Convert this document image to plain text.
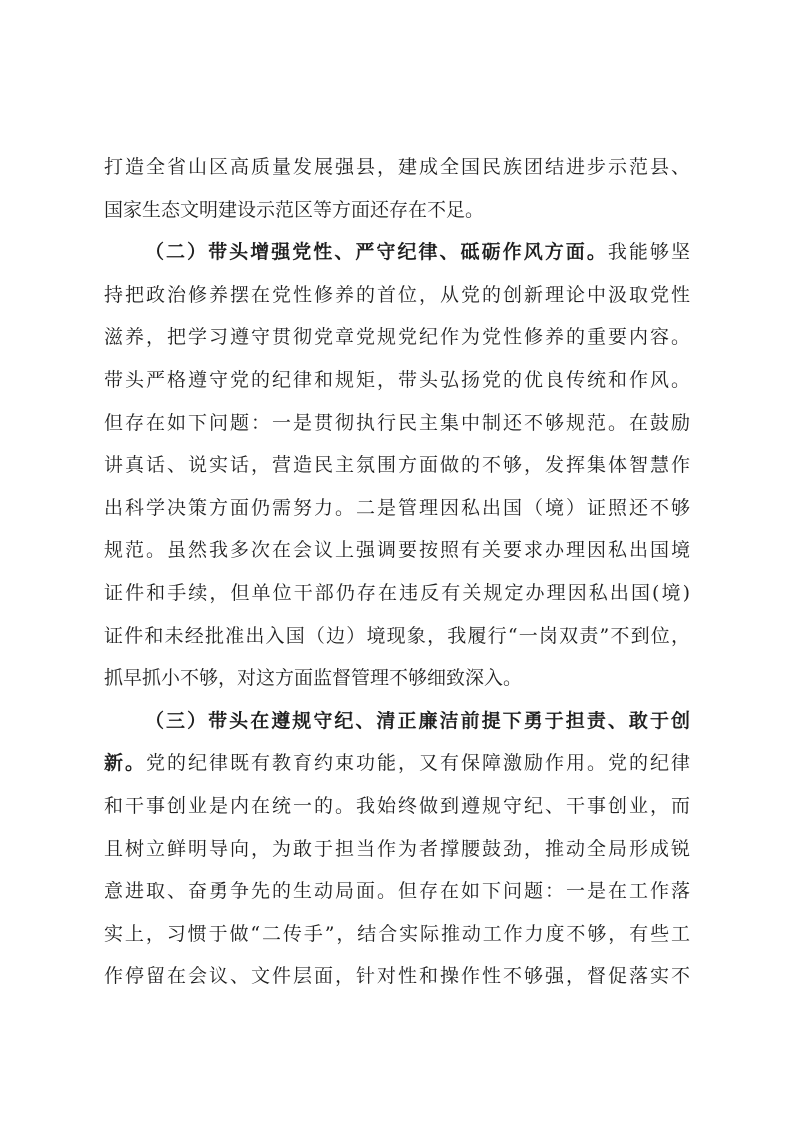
打造全省山区高质量发展强县，建成全国民族团结进步示范县、
国家生态文明建设示范区等方面还存在不足。
（二）带头增强党性、严守纪律、砥砺作风方面。我能够坚
持把政治修养摆在党性修养的首位，从党的创新理论中汲取党性
滋养，把学习遵守贯彻党章党规党纪作为党性修养的重要内容。
带头严格遵守党的纪律和规矩，带头弘扬党的优良传统和作风。
但存在如下问题：一是贯彻执行民主集中制还不够规范。在鼓励
讲真话、说实话，营造民主氛围方面做的不够，发挥集体智慧作
出科学决策方面仍需努力。二是管理因私出国（境）证照还不够
规范。虽然我多次在会议上强调要按照有关要求办理因私出国境
证件和手续，但单位干部仍存在违反有关规定办理因私出国(境)
证件和未经批准出入国（边）境现象，我履行“一岗双责”不到位，
抓早抓小不够，对这方面监督管理不够细致深入。
（三）带头在遵规守纪、清正廉洁前提下勇于担责、敢于创
新。党的纪律既有教育约束功能，又有保障激励作用。党的纪律
和干事创业是内在统一的。我始终做到遵规守纪、干事创业，而
且树立鲜明导向，为敢于担当作为者撑腰鼓劲，推动全局形成锐
意进取、奋勇争先的生动局面。但存在如下问题：一是在工作落
实上，习惯于做“二传手”，结合实际推动工作力度不够，有些工
作停留在会议、文件层面，针对性和操作性不够强，督促落实不
